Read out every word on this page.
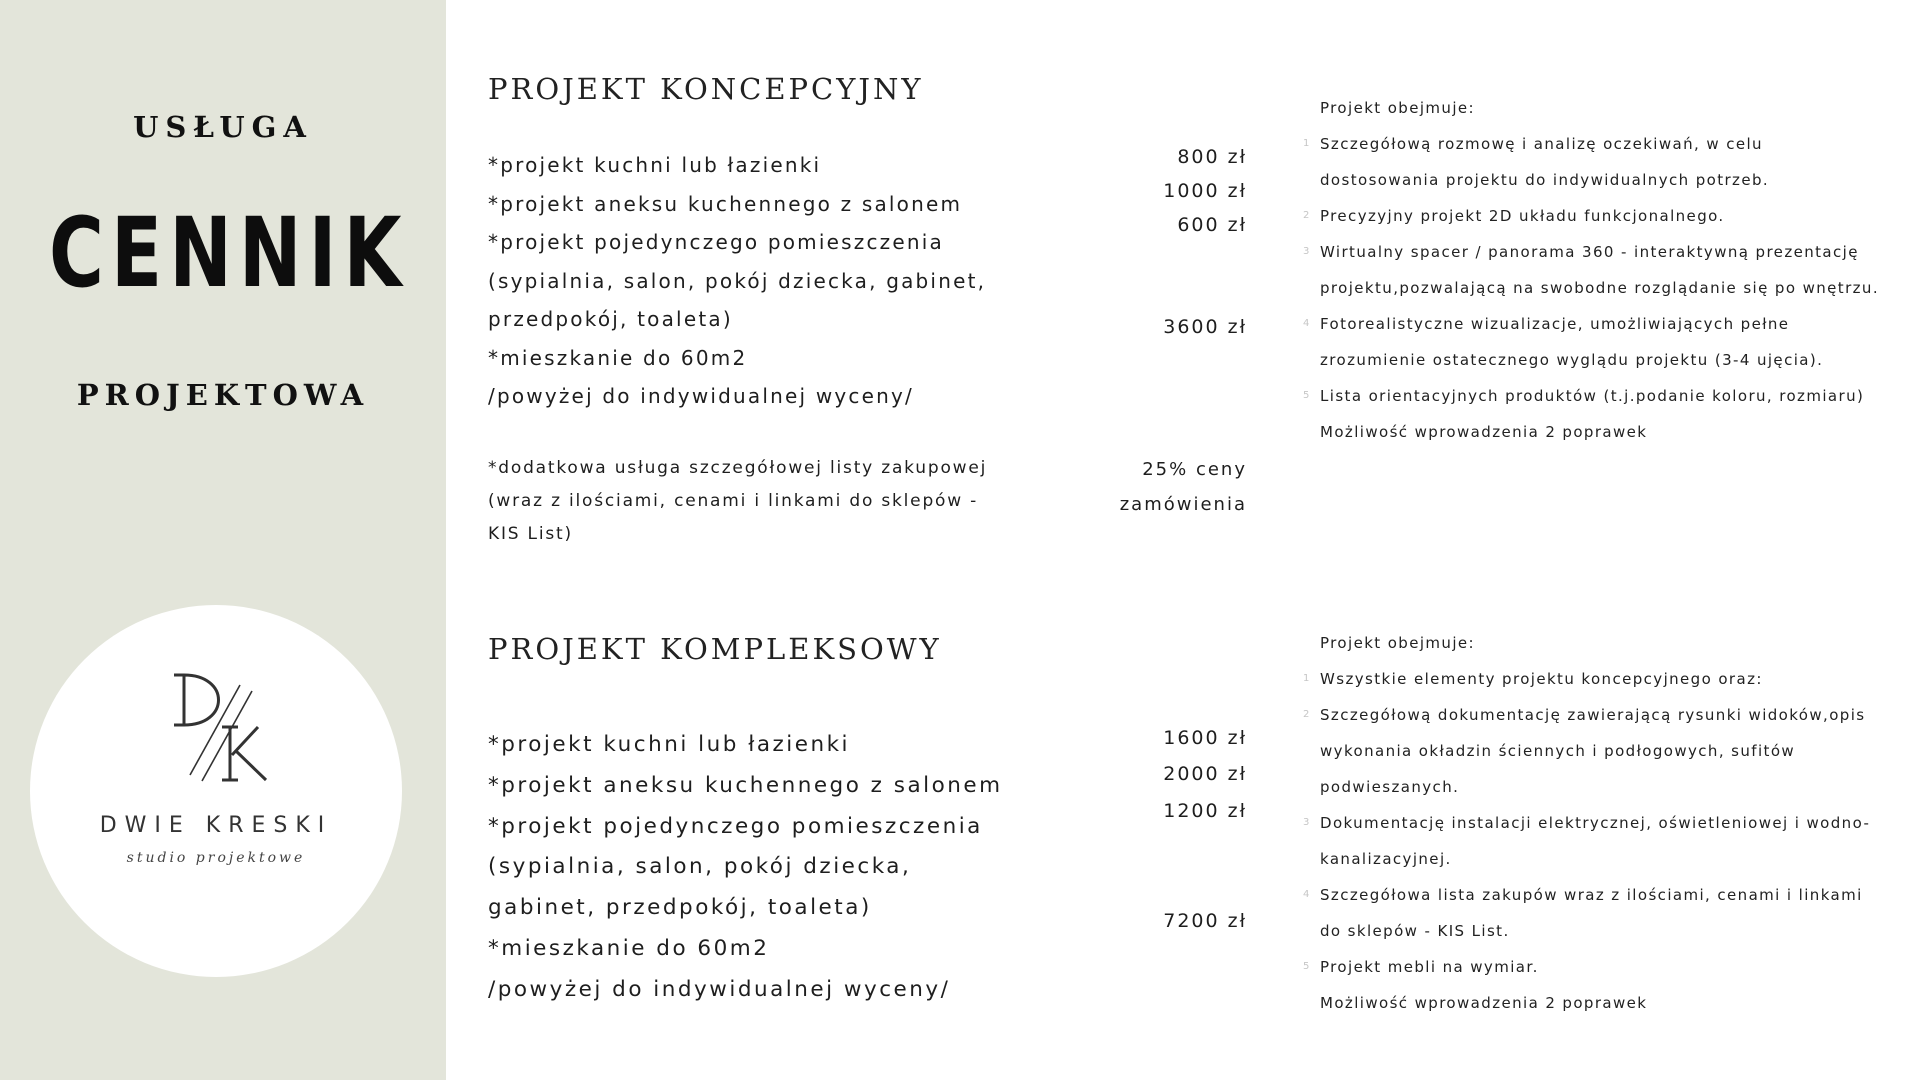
USŁUGA
CENNIK
PROJEKTOWA
DWIE KRESKI
studio projektowe
PROJEKT KONCEPCYJNY
*projekt kuchni lub łazienki
*projekt aneksu kuchennego z salonem
*projekt pojedynczego pomieszczenia
(sypialnia, salon, pokój dziecka, gabinet,
przedpokój, toaleta)
*mieszkanie do 60m2
/powyżej do indywidualnej wyceny/
800 zł
1000 zł
600 zł
3600 zł
*dodatkowa usługa szczegółowej listy zakupowej
(wraz z ilościami, cenami i linkami do sklepów -
KIS List)
25% ceny
zamówienia
Projekt obejmuje:
1 Szczegółową rozmowę i analizę oczekiwań, w celu
dostosowania projektu do indywidualnych potrzeb.
2 Precyzyjny projekt 2D układu funkcjonalnego.
3 Wirtualny spacer / panorama 360 - interaktywną prezentację
projektu,pozwalającą na swobodne rozglądanie się po wnętrzu.
4 Fotorealistyczne wizualizacje, umożliwiających pełne
zrozumienie ostatecznego wyglądu projektu (3-4 ujęcia).
5 Lista orientacyjnych produktów (t.j.podanie koloru, rozmiaru)
Możliwość wprowadzenia 2 poprawek
PROJEKT KOMPLEKSOWY
*projekt kuchni lub łazienki
*projekt aneksu kuchennego z salonem
*projekt pojedynczego pomieszczenia
(sypialnia, salon, pokój dziecka,
gabinet, przedpokój, toaleta)
*mieszkanie do 60m2
/powyżej do indywidualnej wyceny/
1600 zł
2000 zł
1200 zł
7200 zł
Projekt obejmuje:
1 Wszystkie elementy projektu koncepcyjnego oraz:
2 Szczegółową dokumentację zawierającą rysunki widoków,opis
wykonania okładzin ściennych i podłogowych, sufitów
podwieszanych.
3 Dokumentację instalacji elektrycznej, oświetleniowej i wodno-
kanalizacyjnej.
4 Szczegółowa lista zakupów wraz z ilościami, cenami i linkami
do sklepów - KIS List.
5 Projekt mebli na wymiar.
Możliwość wprowadzenia 2 poprawek
